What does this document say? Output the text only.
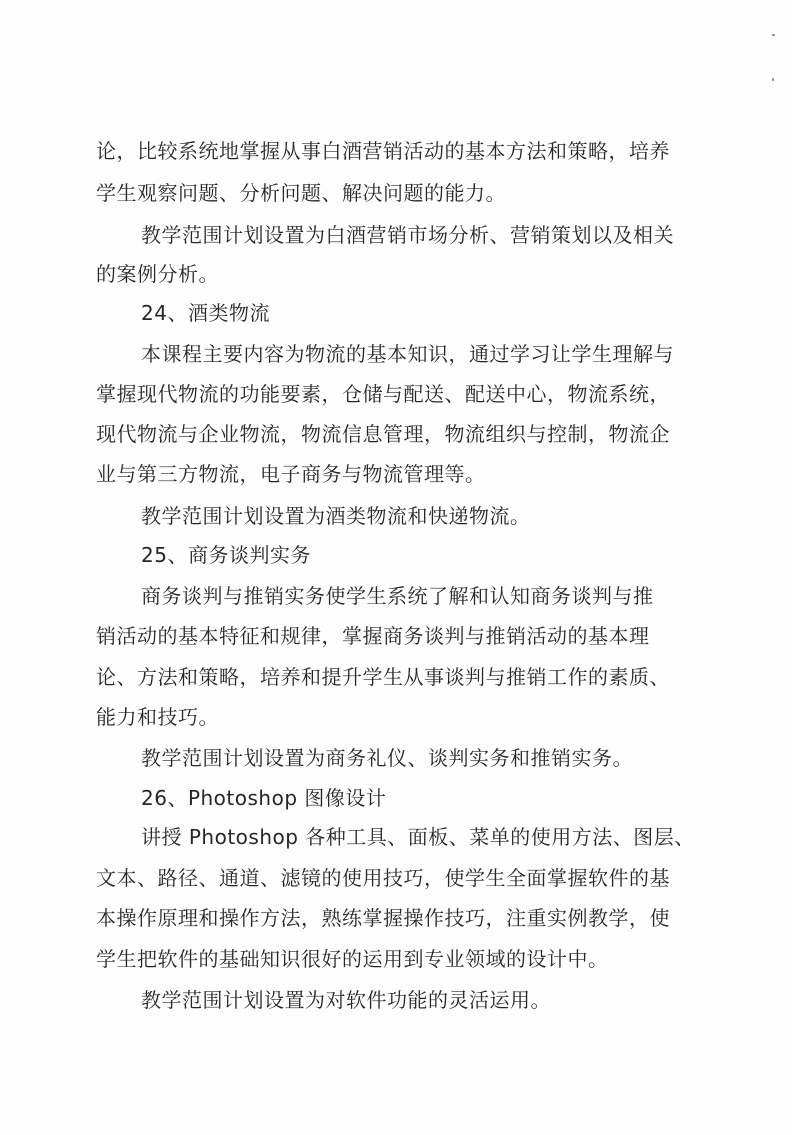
论，比较系统地掌握从事白酒营销活动的基本方法和策略，培养
学生观察问题、分析问题、解决问题的能力。
教学范围计划设置为白酒营销市场分析、营销策划以及相关
的案例分析。
24、酒类物流
本课程主要内容为物流的基本知识，通过学习让学生理解与
掌握现代物流的功能要素，仓储与配送、配送中心，物流系统，
现代物流与企业物流，物流信息管理，物流组织与控制，物流企
业与第三方物流，电子商务与物流管理等。
教学范围计划设置为酒类物流和快递物流。
25、商务谈判实务
商务谈判与推销实务使学生系统了解和认知商务谈判与推
销活动的基本特征和规律，掌握商务谈判与推销活动的基本理
论、方法和策略，培养和提升学生从事谈判与推销工作的素质、
能力和技巧。
教学范围计划设置为商务礼仪、谈判实务和推销实务。
26、Photoshop 图像设计
讲授 Photoshop 各种工具、面板、菜单的使用方法、图层、
文本、路径、通道、滤镜的使用技巧，使学生全面掌握软件的基
本操作原理和操作方法，熟练掌握操作技巧，注重实例教学，使
学生把软件的基础知识很好的运用到专业领域的设计中。
教学范围计划设置为对软件功能的灵活运用。
